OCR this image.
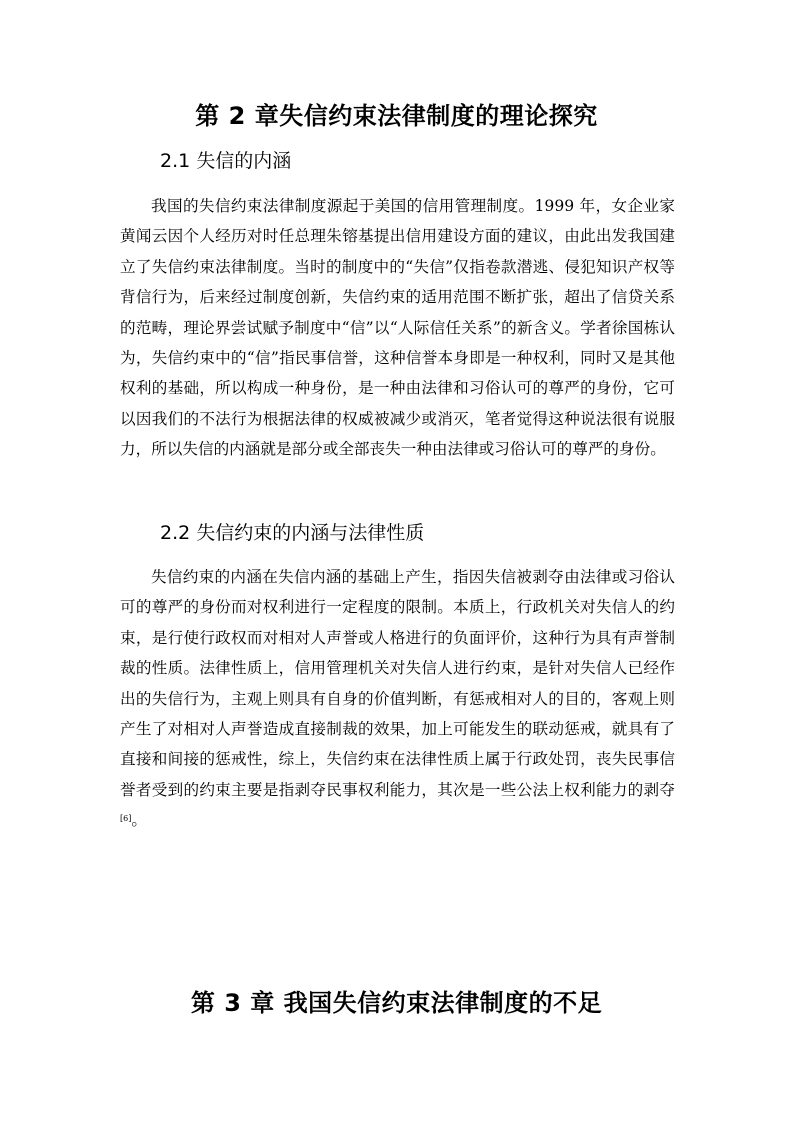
第 2 章失信约束法律制度的理论探究
2.1 失信的内涵

我国的失信约束法律制度源起于美国的信用管理制度。1999 年，女企业家黄闻云因个人经历对时任总理朱镕基提出信用建设方面的建议，由此出发我国建立了失信约束法律制度。当时的制度中的“失信”仅指卷款潜逃、侵犯知识产权等背信行为，后来经过制度创新，失信约束的适用范围不断扩张，超出了信贷关系的范畴，理论界尝试赋予制度中“信”以“人际信任关系”的新含义。学者徐国栋认为，失信约束中的“信”指民事信誉，这种信誉本身即是一种权利，同时又是其他权利的基础，所以构成一种身份，是一种由法律和习俗认可的尊严的身份，它可以因我们的不法行为根据法律的权威被减少或消灭，笔者觉得这种说法很有说服力，所以失信的内涵就是部分或全部丧失一种由法律或习俗认可的尊严的身份。

2.2 失信约束的内涵与法律性质

失信约束的内涵在失信内涵的基础上产生，指因失信被剥夺由法律或习俗认可的尊严的身份而对权利进行一定程度的限制。本质上，行政机关对失信人的约束，是行使行政权而对相对人声誉或人格进行的负面评价，这种行为具有声誉制裁的性质。法律性质上，信用管理机关对失信人进行约束，是针对失信人已经作出的失信行为，主观上则具有自身的价值判断，有惩戒相对人的目的，客观上则产生了对相对人声誉造成直接制裁的效果，加上可能发生的联动惩戒，就具有了直接和间接的惩戒性，综上，失信约束在法律性质上属于行政处罚，丧失民事信誉者受到的约束主要是指剥夺民事权利能力，其次是一些公法上权利能力的剥夺[6]。

第 3 章 我国失信约束法律制度的不足
